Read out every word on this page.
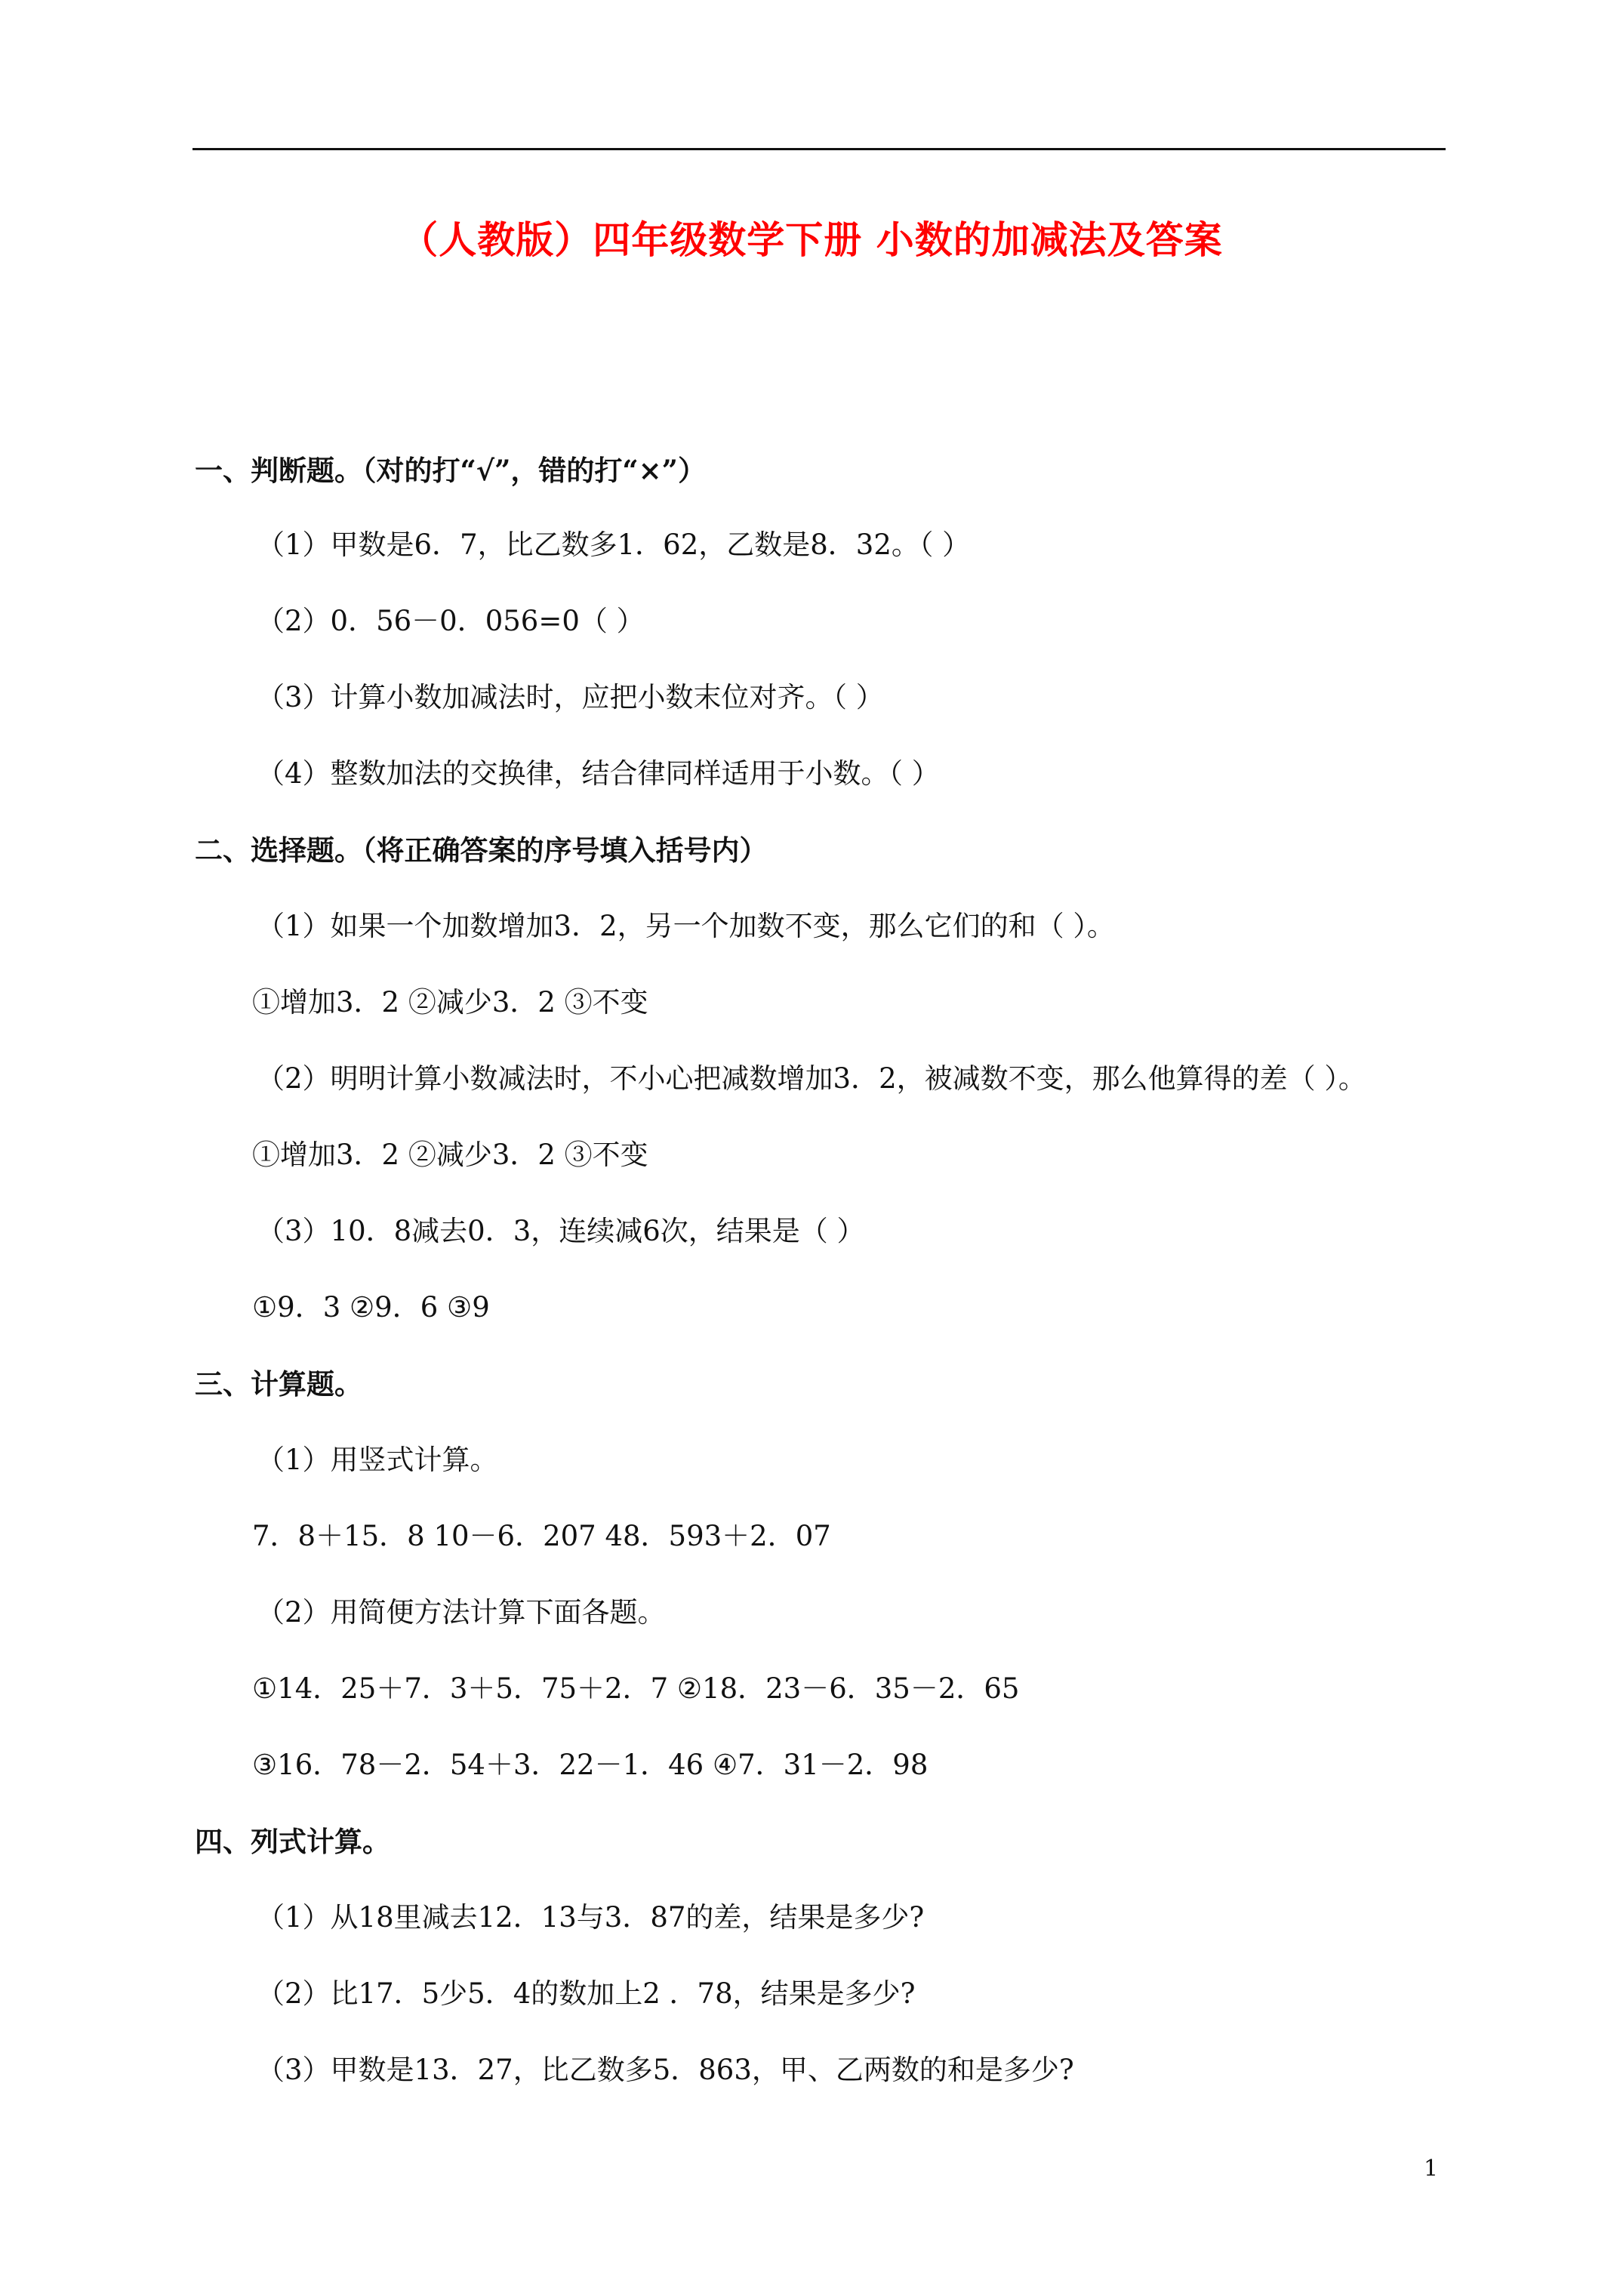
（人教版）四年级数学下册 小数的加减法及答案
一、判断题。（对的打“√”，错的打“×”）
（1）甲数是6．7，比乙数多1．62，乙数是8．32。（ ）
（2）0．56－0．056=0（ ）
（3）计算小数加减法时，应把小数末位对齐。（ ）
（4）整数加法的交换律，结合律同样适用于小数。（ ）
二、选择题。（将正确答案的序号填入括号内）
（1）如果一个加数增加3．2，另一个加数不变，那么它们的和（ ）。
①增加3．2 ②减少3．2 ③不变
（2）明明计算小数减法时，不小心把减数增加3．2，被减数不变，那么他算得的差（ ）。
①增加3．2 ②减少3．2 ③不变
（3）10．8减去0．3，连续减6次，结果是（ ）
①9．3 ②9．6 ③9
三、计算题。
（1）用竖式计算。
7．8＋15．8 10－6．207 48．593＋2．07
（2）用简便方法计算下面各题。
①14．25＋7．3＋5．75＋2．7 ②18．23－6．35－2．65
③16．78－2．54＋3．22－1．46 ④7．31－2．98
四、列式计算。
（1）从18里减去12．13与3．87的差，结果是多少?
（2）比17．5少5．4的数加上2 ．78，结果是多少?
（3）甲数是13．27，比乙数多5．863，甲、乙两数的和是多少?
1
